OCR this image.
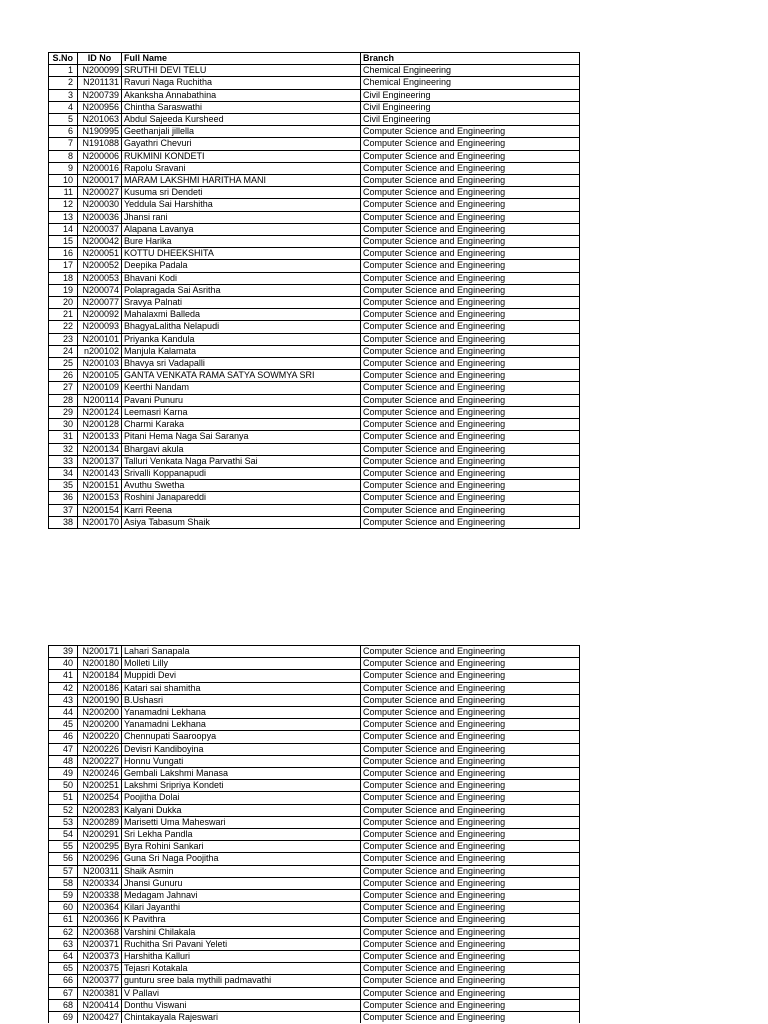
S.No	ID No	Full Name	Branch
1	N200099	SRUTHI DEVI TELU	Chemical Engineering
2	N201131	Ravuri Naga Ruchitha	Chemical Engineering
3	N200739	Akanksha Annabathina	Civil Engineering
4	N200956	Chintha Saraswathi	Civil Engineering
5	N201063	Abdul Sajeeda Kursheed	Civil Engineering
6	N190995	Geethanjali jillella	Computer Science and Engineering
7	N191088	Gayathri Chevuri	Computer Science and Engineering
8	N200006	RUKMINI KONDETI	Computer Science and Engineering
9	N200016	Rapolu Sravani	Computer Science and Engineering
10	N200017	MARAM LAKSHMI HARITHA MANI	Computer Science and Engineering
11	N200027	Kusuma sri Dendeti	Computer Science and Engineering
12	N200030	Yeddula Sai Harshitha	Computer Science and Engineering
13	N200036	Jhansi rani	Computer Science and Engineering
14	N200037	Alapana Lavanya	Computer Science and Engineering
15	N200042	Bure Harika	Computer Science and Engineering
16	N200051	KOTTU DHEEKSHITA	Computer Science and Engineering
17	N200052	Deepika Padala	Computer Science and Engineering
18	N200053	Bhavani Kodi	Computer Science and Engineering
19	N200074	Polapragada Sai Asritha	Computer Science and Engineering
20	N200077	Sravya Palnati	Computer Science and Engineering
21	N200092	Mahalaxmi Balleda	Computer Science and Engineering
22	N200093	BhagyaLalitha Nelapudi	Computer Science and Engineering
23	N200101	Priyanka Kandula	Computer Science and Engineering
24	n200102	Manjula Kalamata	Computer Science and Engineering
25	N200103	Bhavya sri Vadapalli	Computer Science and Engineering
26	N200105	GANTA VENKATA RAMA SATYA SOWMYA SRI	Computer Science and Engineering
27	N200109	Keerthi Nandam	Computer Science and Engineering
28	N200114	Pavani Punuru	Computer Science and Engineering
29	N200124	Leemasri Karna	Computer Science and Engineering
30	N200128	Charmi Karaka	Computer Science and Engineering
31	N200133	Pitani Hema Naga Sai Saranya	Computer Science and Engineering
32	N200134	Bhargavi akula	Computer Science and Engineering
33	N200137	Talluri Venkata Naga Parvathi Sai	Computer Science and Engineering
34	N200143	Srivalli Koppanapudi	Computer Science and Engineering
35	N200151	Avuthu Swetha	Computer Science and Engineering
36	N200153	Roshini Janapareddi	Computer Science and Engineering
37	N200154	Karri Reena	Computer Science and Engineering
38	N200170	Asiya Tabasum Shaik	Computer Science and Engineering
39	N200171	Lahari Sanapala	Computer Science and Engineering
40	N200180	Molleti Lilly	Computer Science and Engineering
41	N200184	Muppidi Devi	Computer Science and Engineering
42	N200186	Katari sai shamitha	Computer Science and Engineering
43	N200190	B.Ushasri	Computer Science and Engineering
44	N200200	Yanamadni Lekhana	Computer Science and Engineering
45	N200200	Yanamadni Lekhana	Computer Science and Engineering
46	N200220	Chennupati Saaroopya	Computer Science and Engineering
47	N200226	Devisri Kandiboyina	Computer Science and Engineering
48	N200227	Honnu Vungati	Computer Science and Engineering
49	N200246	Gembali Lakshmi Manasa	Computer Science and Engineering
50	N200251	Lakshmi Sripriya Kondeti	Computer Science and Engineering
51	N200254	Poojitha Dolai	Computer Science and Engineering
52	N200283	Kalyani Dukka	Computer Science and Engineering
53	N200289	Marisetti Uma Maheswari	Computer Science and Engineering
54	N200291	Sri Lekha Pandla	Computer Science and Engineering
55	N200295	Byra Rohini Sankari	Computer Science and Engineering
56	N200296	Guna Sri Naga Poojitha	Computer Science and Engineering
57	N200311	Shaik Asmin	Computer Science and Engineering
58	N200334	Jhansi Gunuru	Computer Science and Engineering
59	N200338	Medagam Jahnavi	Computer Science and Engineering
60	N200364	Kilari Jayanthi	Computer Science and Engineering
61	N200366	K Pavithra	Computer Science and Engineering
62	N200368	Varshini Chilakala	Computer Science and Engineering
63	N200371	Ruchitha Sri Pavani Yeleti	Computer Science and Engineering
64	N200373	Harshitha Kalluri	Computer Science and Engineering
65	N200375	Tejasri Kotakala	Computer Science and Engineering
66	N200377	gunturu sree bala mythili padmavathi	Computer Science and Engineering
67	N200381	V Pallavi	Computer Science and Engineering
68	N200414	Donthu Viswani	Computer Science and Engineering
69	N200427	Chintakayala Rajeswari	Computer Science and Engineering
